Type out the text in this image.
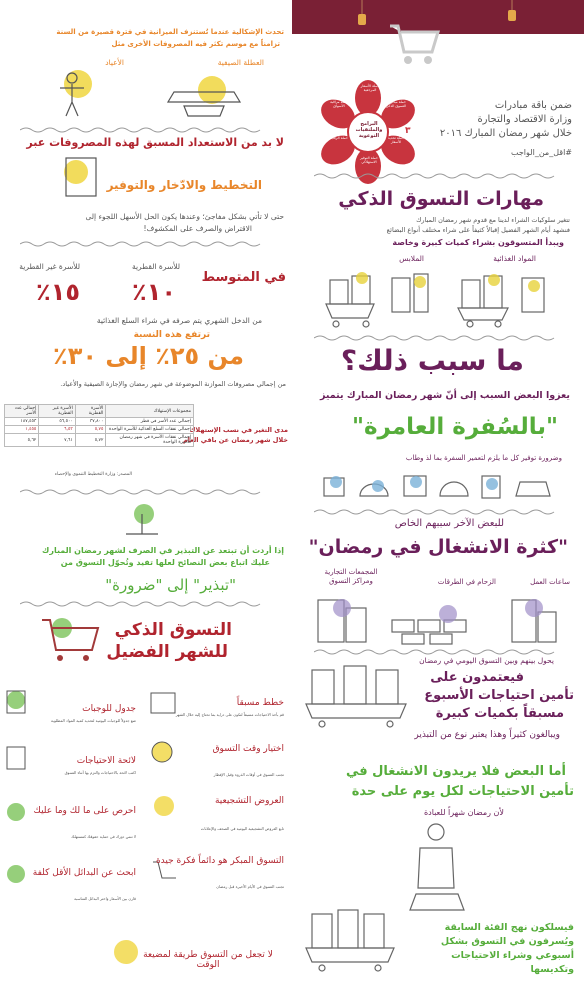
البرامج والملتقيات التوعوية
حملة الأسعار المرجعية
حملة مبادرات التسوق الذكي
حملة تحديد الأسعار
حملة التوفير الاستهلاكي
حملة الرقابة
حملة مراقبة الأسواق
٣
ضمن باقة مبادرات
وزارة الاقتصاد والتجارة
خلال شهر رمضان المبارك ٢٠١٦
#اقل_من_الواجب
مهارات التسوق الذكي
تتغير سلوكيات الشراء لدينا مع قدوم شهر رمضان المبارك
فنشهد أيام الشهر الفضيل إقبالاً كثيفاً على شراء مختلف أنواع البضائع
ويبدأ المتسوقون بشراء كميات كبيرة وخاصة
المواد الغذائية
الملابس
ما سبب ذلك؟
يعزوا البعض السبب إلى أنّ شهر رمضان المبارك يتميز
"بالسُفرة العامرة"
وضرورة توفير كل ما يلزم لتعمير السفرة بما لذ وطاب
للبعض الآخر سببهم الخاص
"كثرة الانشغال في رمضان"
ساعات العمل
الزحام في الطرقات
المجمعات التجارية ومراكز التسوق
يحول بينهم وبين التسوق اليومي في رمضان
فيعتمدون على
تأمين احتياجات الأسبوع
مسبقاً بكميات كبيرة
ويبالغون كثيراً وهذا يعتبر نوع من التبذير
أما البعض فلا يريدون الانشغال في
تأمين الاحتياجات لكل يوم على حدة
لأن رمضان شهراً للعبادة
فيسلكون نهج الفئة السابقة
ويُسرفون في التسوق بشكل
أسبوعي وشراء الاحتياجات
وتكديسها
تحدث الإشكالية عندما تُستنزف الميزانية في فترة قصيرة من السنة
تزامناً مع موسم تكثر فيه المصروفات الأخرى مثل
العطلة الصيفية
الأعياد
لا بد من الاستعداد المسبق لهذه المصروفات عبر
التخطيط والادّخار والتوفير
حتى لا تأتي بشكل مفاجئ؛ وعندها يكون الحل الأسهل اللجوء إلى
الاقتراض والصرف على المكشوف!
للأسرة القطرية
للأسرة غير القطرية
في المتوسط
١٠٪
١٥٪
من الدخل الشهري يتم صرفه في شراء السلع الغذائية
ترتفع هذه النسبة
من ٢٥٪ إلى ٣٠٪
من إجمالي مصروفات الموازنة الموضوعة في شهر رمضان والإجازة الصيفية والأعياد.
مدى التغير في نسب الإستهلاك
خلال شهر رمضان عن باقي العام
مجموعات الإستهلاك	الأسرة القطرية	الأسرة غير القطرية	إجمالي عدد الأسر
إجمالي عدد الأسر في قطر	٣٧,٨٠٠	٥٦,٥٠٠	١٨٧,٤٥٣
إجمالي نفقات السلع الغذائية للأسرة الواحدة	٥,٧٥	٦,٥٣	١,٤٥٥
إجمالي نفقات الأسرة في شهر رمضان للأسرة الواحدة	٥,٧٢	٧,٦١	٥,٦٢
المصدر: وزارة التخطيط التنموي والإحصاء
إذا أردت أن تبتعد عن التبذير في الصرف لشهر رمضان المبارك
عليك اتباع بعض النصائح لعلها تفيد وتُحوّل التسوق من
"تبذير" إلى "ضرورة"
التسوق الذكي
للشهر الفضيل
خطط مسبقاً
قم بأخذ الاحتياجات مسبقاً لتكون على دراية بما تحتاج إليه خلال الشهر
جدول للوجبات
ضع جدولاً للوجبات اليومية لتحديد كمية المواد المطلوبة
اختيار وقت التسوق
تجنب التسوق في أوقات الذروة وقبل الإفطار
لائحة الاحتياجات
اكتب لائحة بالاحتياجات والتزم بها أثناء التسوق
العروض التشجيعية
تابع العروض التشجيعية اليومية في الصحف والإعلانات
احرص على ما لك وما عليك
لا تنس دورك في حماية حقوقك كمستهلك
التسوق المبكر هو دائماً فكرة جيدة
تجنب التسوق في الأيام الأخيرة قبل رمضان
ابحث عن البدائل الأقل كلفة
قارن بين الأسعار واختر البدائل المناسبة
لا تجعل من التسوق طريقة لمضيعة الوقت
